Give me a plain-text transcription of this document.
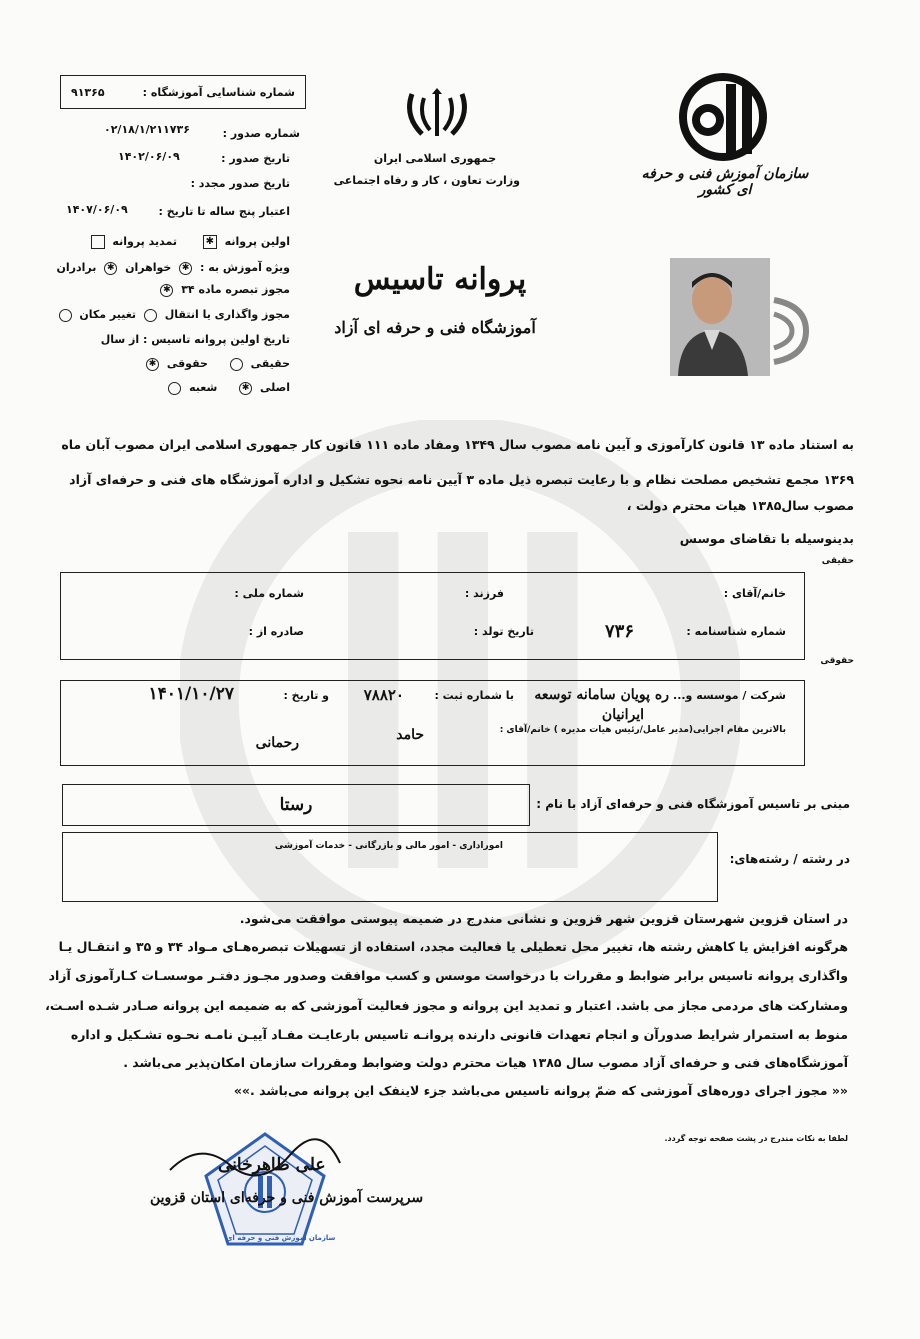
شماره شناسایی آموزشگاه :
۹۱۳۶۵
شماره صدور :
۰۲/۱۸/۱/۲۱۱۷۳۶
تاریخ صدور :
۱۴۰۲/۰۶/۰۹
تاریخ صدور مجدد :
اعتبار پنج ساله تا تاریخ :
۱۴۰۷/۰۶/۰۹
اولین پروانه ✱ تمدید پروانه
ویژه آموزش به : ✱ خواهران ✱ برادران
مجوز تبصره ماده ۳۴ ✱
مجوز واگذاری یا انتقال  تغییر مکان
تاریخ اولین پروانه تاسیس : از سال
حقیقی  حقوقی ✱
اصلی ✱ شعبه
جمهوری اسلامی ایران
وزارت تعاون ، کار و رفاه اجتماعی	سازمان آموزش فنی و حرفه ای کشور
پروانه تاسیس
آموزشگاه فنی و حرفه ای آزاد
به استناد ماده ۱۳ قانون کارآموزی و آیین نامه مصوب سال ۱۳۴۹ ومفاد ماده ۱۱۱ قانون کار جمهوری اسلامی ایران مصوب آبان ماه
۱۳۶۹ مجمع تشخیص مصلحت نظام و با رعایت تبصره ذیل ماده ۳ آیین نامه نحوه تشکیل و اداره آموزشگاه های فنی و حرفه‌ای آزاد
مصوب سال۱۳۸۵ هیات محترم دولت ،
بدینوسیله با تقاضای موسس
حقیقی
خانم/آقای :
فرزند :
شماره ملی :
شماره شناسنامه :
۷۳۶
تاریخ تولد :
صادره از :
حقوقی
شرکت / موسسه و...
ره پویان سامانه توسعه
ایرانیان
با شماره ثبت :
۷۸۸۲۰
و تاریخ :
۱۴۰۱/۱۰/۲۷
بالاترین مقام اجرایی(مدیر عامل/رئیس هیات مدیره ) خانم/آقای :
حامد
رحمانی
مبنی بر تاسیس آموزشگاه فنی و حرفه‌ای آزاد با نام :
رستا
در رشته / رشته‌های:
اموراداری - امور مالی و بازرگانی - خدمات آموزشی
در استان قزوین شهرستان قزوین شهر قزوین و نشانی مندرج در ضمیمه پیوستی موافقت می‌شود.
هرگونه افزایش یا کاهش رشته ها، تغییر محل تعطیلی یا فعالیت مجدد، استفاده از تسهیلات تبصره‌هـای مـواد ۳۴ و ۳۵ و انتقـال یـا
واگذاری پروانه تاسیس برابر ضوابط و مقررات با درخواست موسس و کسب موافقت وصدور مجـوز دفتـر موسسـات کـارآموزی آزاد
ومشارکت های مردمی مجاز می باشد. اعتبار و تمدید این پروانه و مجوز فعالیت آموزشی که به ضمیمه این پروانه صـادر شـده اسـت،
منوط به استمرار شرایط صدورآن و انجام تعهدات قانونی دارنده پروانـه تاسیس بارعایـت مفـاد آییـن نامـه نحـوه تشـکیل و اداره
آموزشگاه‌های فنی و حرفه‌ای آزاد مصوب سال ۱۳۸۵ هیات محترم دولت وضوابط ومقررات سازمان امکان‌پذیر می‌باشد .
«« مجوز اجرای دوره‌های آموزشی که ضمّ پروانه تاسیس می‌باشد جزء لاینفک این پروانه می‌باشد .»»
لطفا به نکات مندرج در پشت صفحه توجه گردد.
سازمان آموزش فنی و حرفه ای
علی طاهرخانی
سرپرست آموزش فنی و حرفه‌ای استان قزوین
